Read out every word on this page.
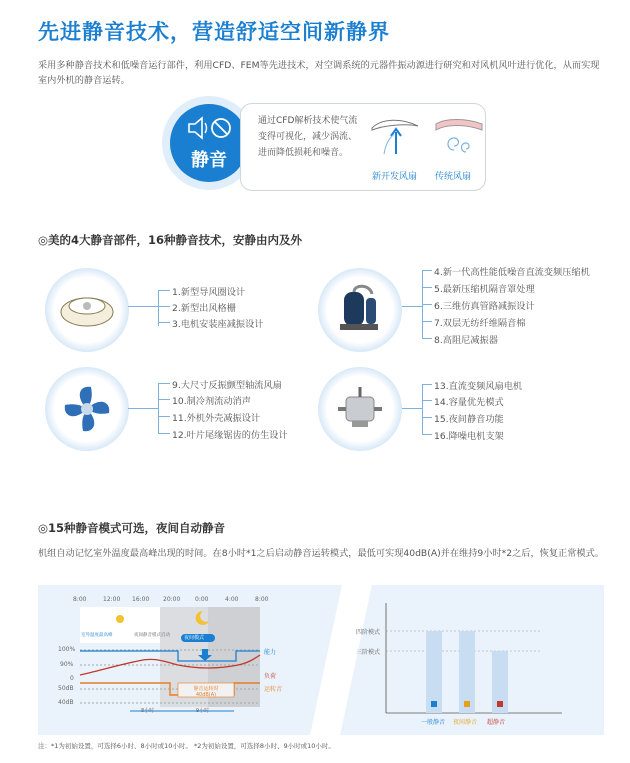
先进静音技术，营造舒适空间新静界
采用多种静音技术和低噪音运行部件，利用CFD、FEM等先进技术，对空调系统的元器件振动源进行研究和对风机风叶进行优化，从而实现室内外机的静音运转。
静音
通过CFD解析技术使气流变得可视化，减少涡流、进而降低损耗和噪音。
新开发风扇 传统风扇
◎美的4大静音部件，16种静音技术，安静由内及外
1.新型导风圈设计
2.新型出风格栅
3.电机安装座减振设计
4.新一代高性能低噪音直流变频压缩机
5.最新压缩机隔音罩处理
6.三维仿真管路减振设计
7.双层无纺纤维隔音棉
8.高阻尼减振器
9.大尺寸反振颤型轴流风扇
10.制冷剂流动消声
11.外机外壳减振设计
12.叶片尾缘锯齿的仿生设计
13.直流变频风扇电机
14.容量优先模式
15.夜间静音功能
16.降噪电机支架
◎15种静音模式可选，夜间自动静音
机组自动记忆室外温度最高峰出现的时间。在8小时*1之后启动静音运转模式，最低可实现40dB(A)并在维持9小时*2之后，恢复正常模式。
8:00	12:00 16:00 20:00 0:00	4:00	8:00
室外温度最高峰	夜间静音模式启动	夜间模式
100%
90%
0
50dB
40dB
能力
负荷
运转音
静音运转时
40dB(A)
8小时	9小时
四阶模式
三阶模式
一般静音 夜间静音 超静音
注：*1为初始设置，可选择6小时、8小时或10小时。 *2为初始设置，可选择8小时、9小时或10小时。
